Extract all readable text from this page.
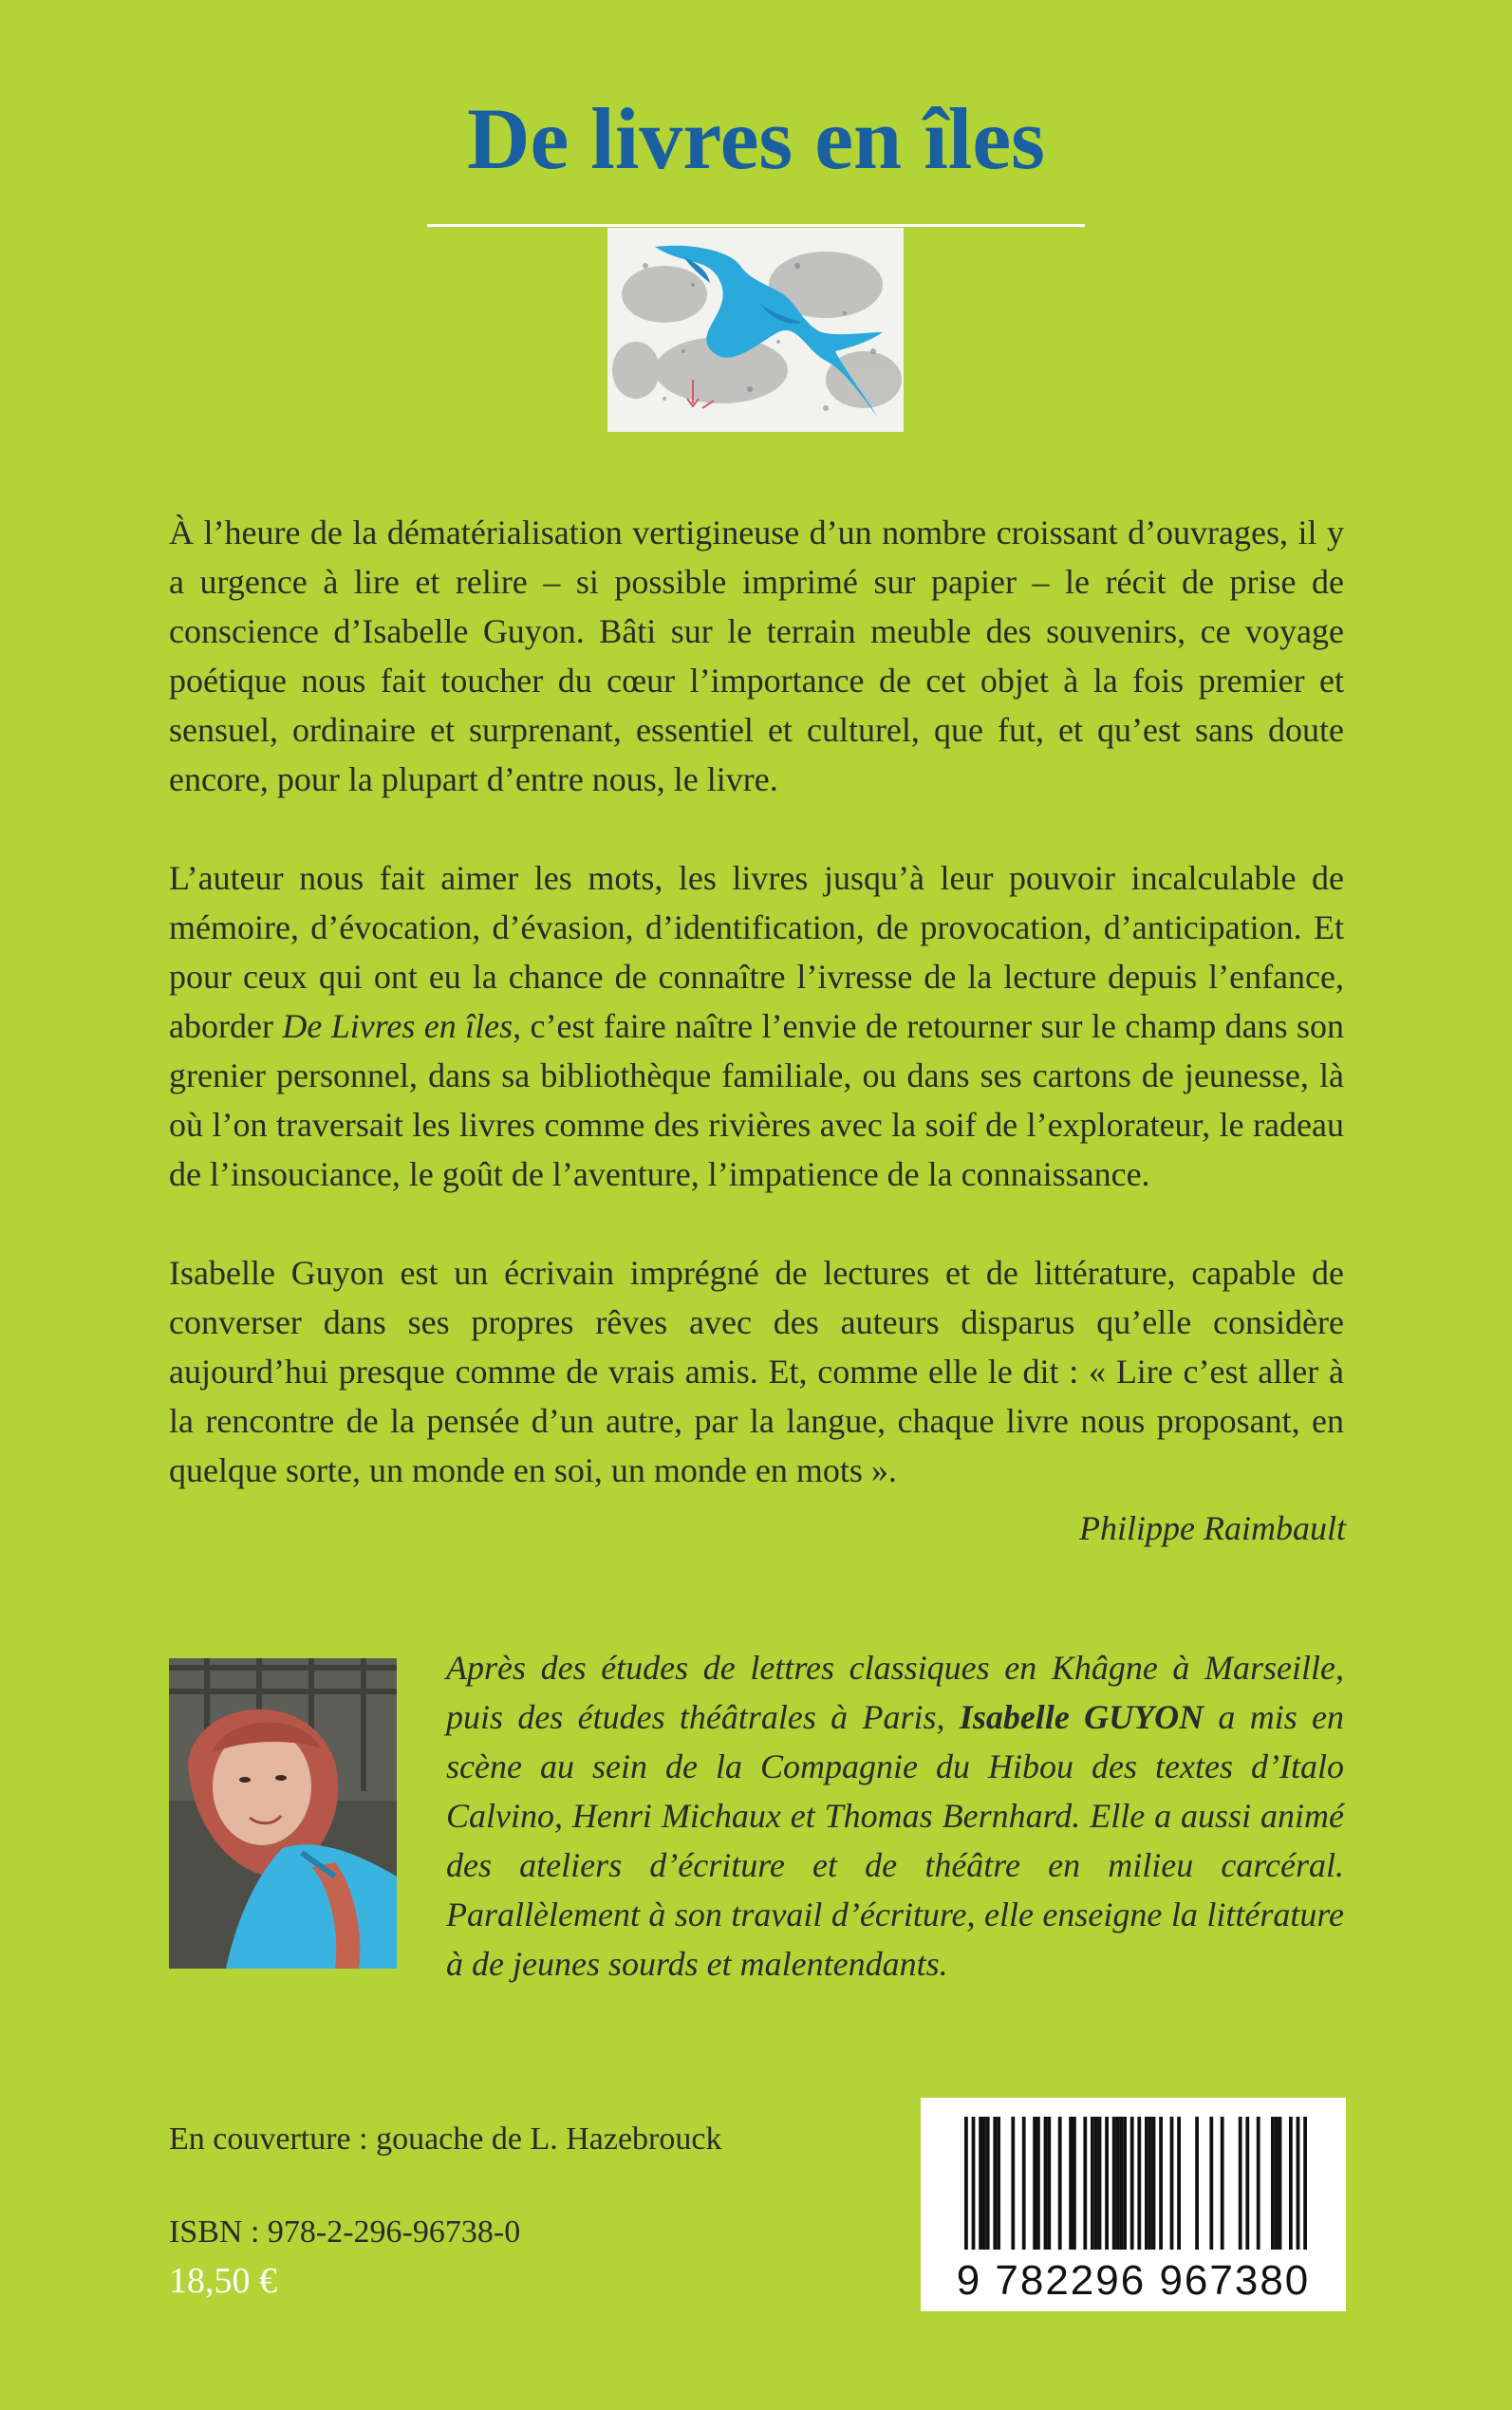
De livres en îles

À l’heure de la dématérialisation vertigineuse d’un nombre croissant d’ouvrages, il y a urgence à lire et relire – si possible imprimé sur papier – le récit de prise de conscience d’Isabelle Guyon. Bâti sur le terrain meuble des souvenirs, ce voyage poétique nous fait toucher du cœur l’importance de cet objet à la fois premier et sensuel, ordinaire et surprenant, essentiel et culturel, que fut, et qu’est sans doute encore, pour la plupart d’entre nous, le livre.

L’auteur nous fait aimer les mots, les livres jusqu’à leur pouvoir incalculable de mémoire, d’évocation, d’évasion, d’identification, de provocation, d’anticipation. Et pour ceux qui ont eu la chance de connaître l’ivresse de la lecture depuis l’enfance, aborder De Livres en îles, c’est faire naître l’envie de retourner sur le champ dans son grenier personnel, dans sa bibliothèque familiale, ou dans ses cartons de jeunesse, là où l’on traversait les livres comme des rivières avec la soif de l’explorateur, le radeau de l’insouciance, le goût de l’aventure, l’impatience de la connaissance.

Isabelle Guyon est un écrivain imprégné de lectures et de littérature, capable de converser dans ses propres rêves avec des auteurs disparus qu’elle considère aujourd’hui presque comme de vrais amis. Et, comme elle le dit : « Lire c’est aller à la rencontre de la pensée d’un autre, par la langue, chaque livre nous proposant, en quelque sorte, un monde en soi, un monde en mots ».

Philippe Raimbault

Après des études de lettres classiques en Khâgne à Marseille, puis des études théâtrales à Paris, Isabelle GUYON a mis en scène au sein de la Compagnie du Hibou des textes d’Italo Calvino, Henri Michaux et Thomas Bernhard. Elle a aussi animé des ateliers d’écriture et de théâtre en milieu carcéral. Parallèlement à son travail d’écriture, elle enseigne la littérature à de jeunes sourds et malentendants.

En couverture : gouache de L. Hazebrouck

ISBN : 978-2-296-96738-0

18,50 €	9 782296 967380
